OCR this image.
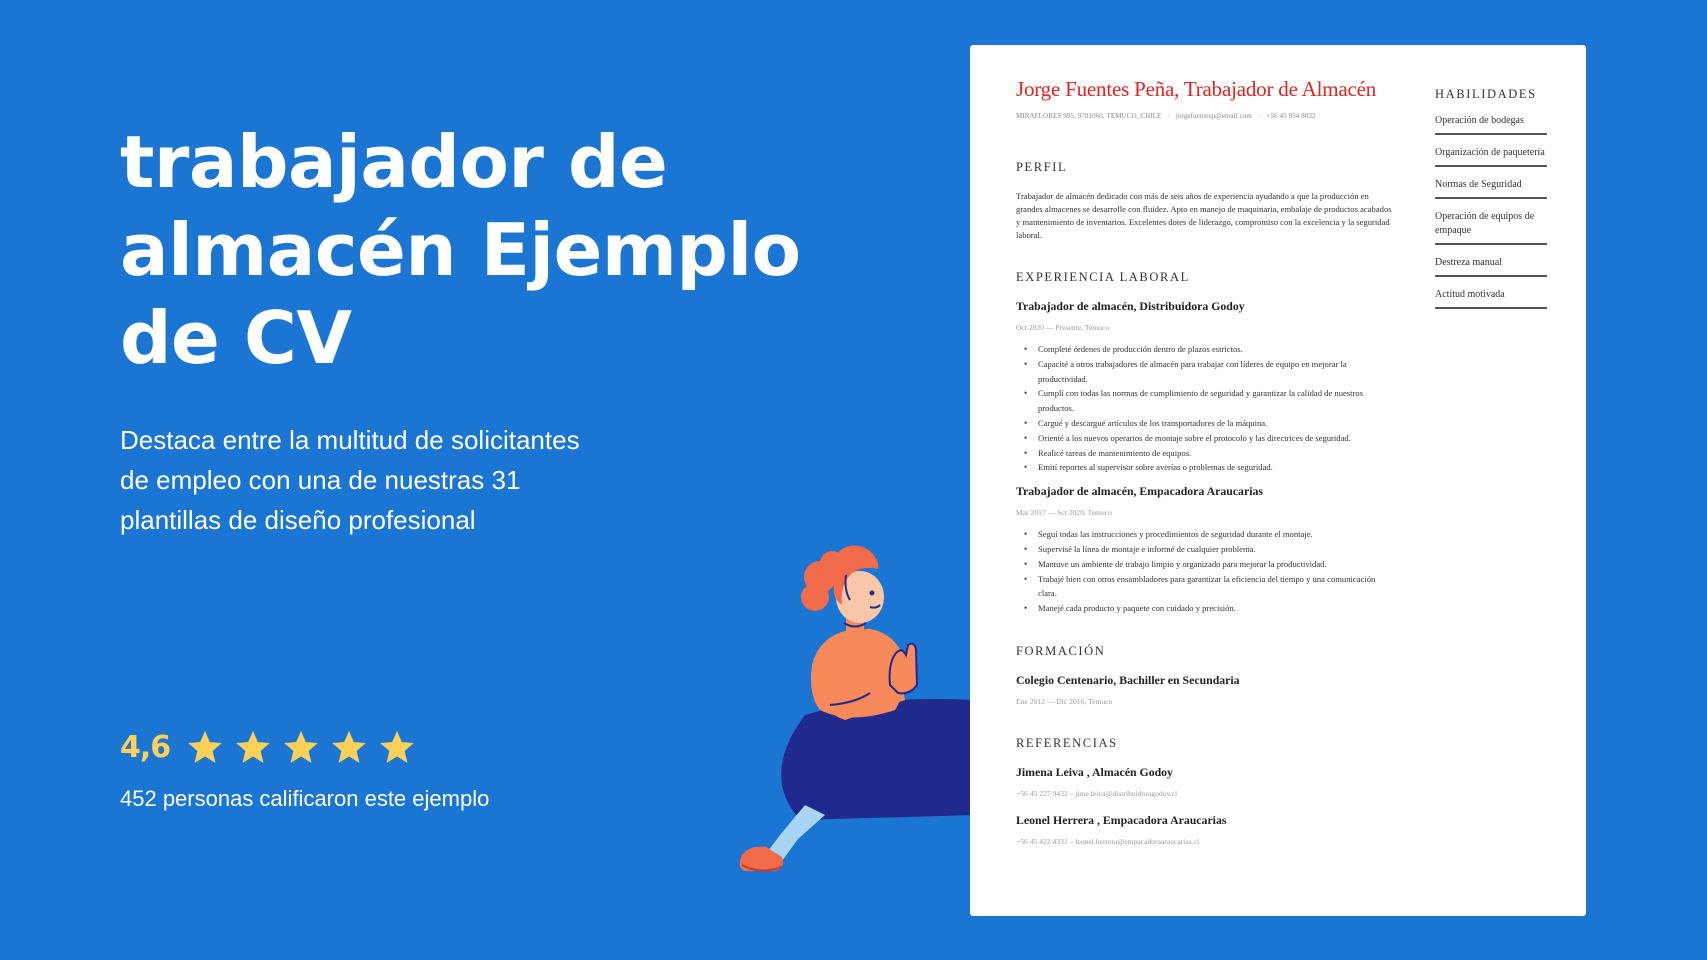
trabajador de almacén Ejemplo de CV

Destaca entre la multitud de solicitantes de empleo con una de nuestras 31 plantillas de diseño profesional

4,6

452 personas calificaron este ejemplo

Jorge Fuentes Peña, Trabajador de Almacén
MIRAFLORES 995, 9781060, TEMUCO, CHILE · jorgefuentesp@email.com · +56 45 954 8032
PERFIL

Trabajador de almacén dedicado con más de seis años de experiencia ayudando a que la producción en grandes almacenes se desarrolle con fluidez. Apto en manejo de maquinaria, embalaje de productos acabados y mantenimiento de inventarios. Excelentes dotes de liderazgo, compromiso con la excelencia y la seguridad laboral.

EXPERIENCIA LABORAL
Trabajador de almacén, Distribuidora Godoy
Oct 2020 — Presente, Temuco
• Completé órdenes de producción dentro de plazos estrictos.
• Capacité a otros trabajadores de almacén para trabajar con líderes de equipo en mejorar la productividad.
• Cumplí con todas las normas de cumplimiento de seguridad y garantizar la calidad de nuestros productos.
• Cargué y descargué artículos de los transportadores de la máquina.
• Orienté a los nuevos operarios de montaje sobre el protocolo y las directrices de seguridad.
• Realicé tareas de mantenimiento de equipos.
• Emití reportes al supervisor sobre averías o problemas de seguridad.
Trabajador de almacén, Empacadora Araucarias
Mar 2017 — Sct 2020, Temuco
• Seguí todas las instrucciones y procedimientos de seguridad durante el montaje.
• Supervisé la línea de montaje e informé de cualquier problema.
• Mantuve un ambiente de trabajo limpio y organizado para mejorar la productividad.
• Trabajé bien con otros ensambladores para garantizar la eficiencia del tiempo y una comunicación clara.
• Manejé cada producto y paquete con cuidado y precisión.
FORMACIÓN
Colegio Centenario, Bachiller en Secundaria
Ene 2012 — Dic 2016, Temuco
REFERENCIAS
Jimena Leiva , Almacén Godoy
+56 45 227 9432 – jime.leiva@distribuidoragodoy.cl
Leonel Herrera , Empacadora Araucarias
+56 45 422 4331 – leonel.herrera@empacadoraaraucarias.cl
HABILIDADES
Operación de bodegas
Organización de paquetería
Normas de Seguridad
Operación de equipos de empaque
Destreza manual
Actitud motivada
